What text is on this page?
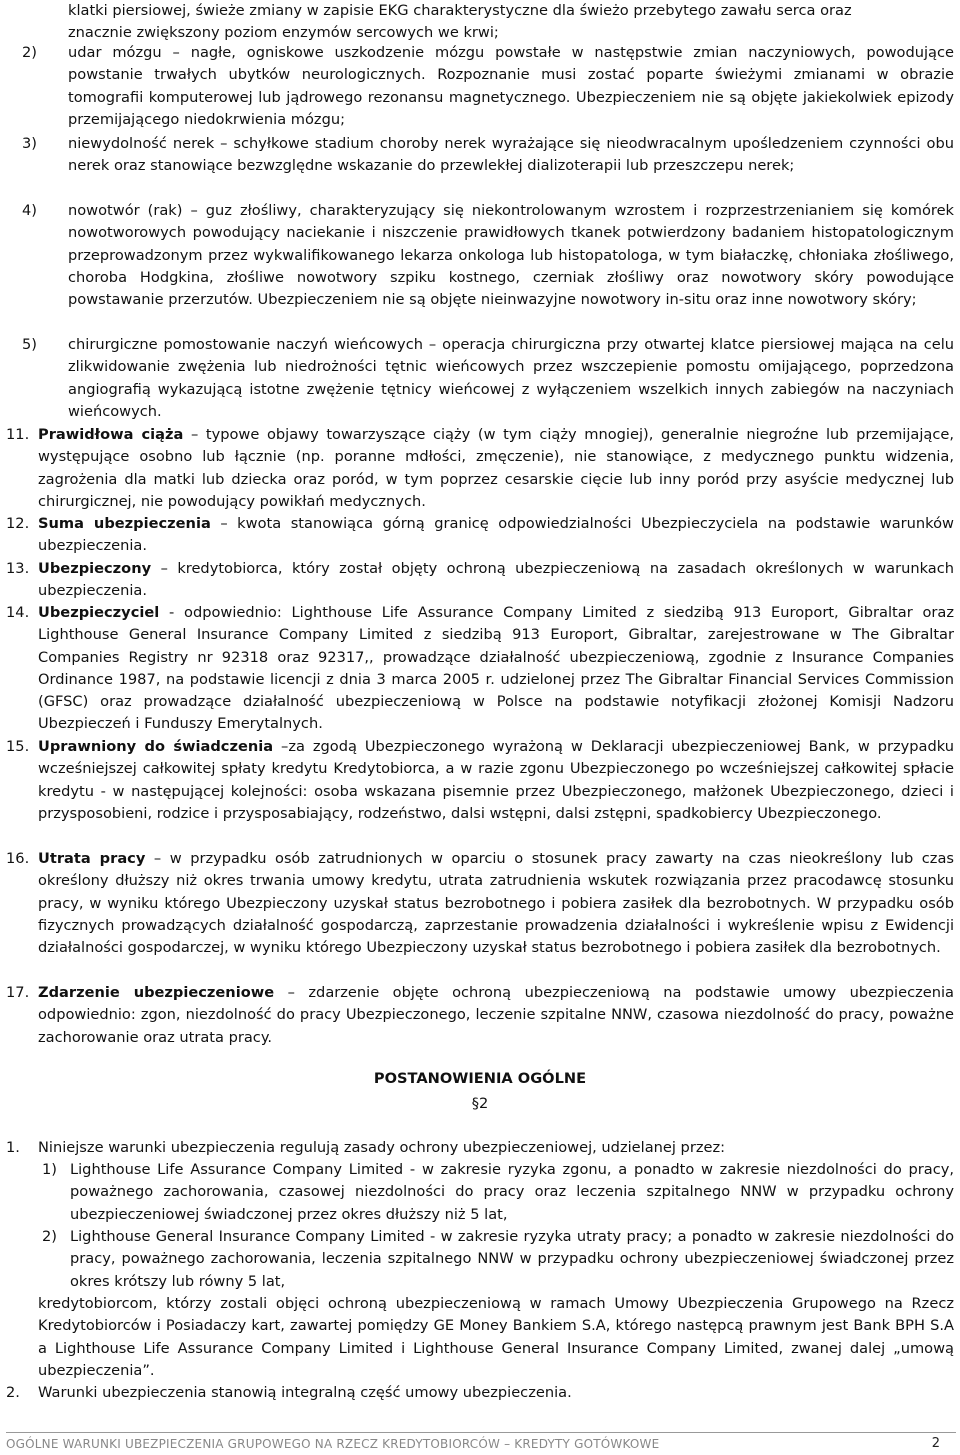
klatki piersiowej, świeże zmiany w zapisie EKG charakterystyczne dla świeżo przebytego zawału serca oraz
znacznie zwiększony poziom enzymów sercowych we krwi;
2) udar mózgu – nagłe, ogniskowe uszkodzenie mózgu powstałe w następstwie zmian naczyniowych, powodujące powstanie trwałych ubytków neurologicznych. Rozpoznanie musi zostać poparte świeżymi zmianami w obrazie tomografii komputerowej lub jądrowego rezonansu magnetycznego. Ubezpieczeniem nie są objęte jakiekolwiek epizody przemijającego niedokrwienia mózgu;
3) niewydolność nerek – schyłkowe stadium choroby nerek wyrażające się nieodwracalnym upośledzeniem czynności obu nerek oraz stanowiące bezwzględne wskazanie do przewlekłej dializoterapii lub przeszczepu nerek;
4) nowotwór (rak) – guz złośliwy, charakteryzujący się niekontrolowanym wzrostem i rozprzestrzenianiem się komórek nowotworowych powodujący naciekanie i niszczenie prawidłowych tkanek potwierdzony badaniem histopatologicznym przeprowadzonym przez wykwalifikowanego lekarza onkologa lub histopatologa, w tym białaczkę, chłoniaka złośliwego, choroba Hodgkina, złośliwe nowotwory szpiku kostnego, czerniak złośliwy oraz nowotwory skóry powodujące powstawanie przerzutów. Ubezpieczeniem nie są objęte nieinwazyjne nowotwory in-situ oraz inne nowotwory skóry;
5) chirurgiczne pomostowanie naczyń wieńcowych – operacja chirurgiczna przy otwartej klatce piersiowej mająca na celu zlikwidowanie zwężenia lub niedrożności tętnic wieńcowych przez wszczepienie pomostu omijającego, poprzedzona angiografią wykazującą istotne zwężenie tętnicy wieńcowej z wyłączeniem wszelkich innych zabiegów na naczyniach wieńcowych.
11. Prawidłowa ciąża – typowe objawy towarzyszące ciąży (w tym ciąży mnogiej), generalnie niegroźne lub przemijające, występujące osobno lub łącznie (np. poranne mdłości, zmęczenie), nie stanowiące, z medycznego punktu widzenia, zagrożenia dla matki lub dziecka oraz poród, w tym poprzez cesarskie cięcie lub inny poród przy asyście medycznej lub chirurgicznej, nie powodujący powikłań medycznych.
12. Suma ubezpieczenia – kwota stanowiąca górną granicę odpowiedzialności Ubezpieczyciela na podstawie warunków ubezpieczenia.
13. Ubezpieczony – kredytobiorca, który został objęty ochroną ubezpieczeniową na zasadach określonych w warunkach ubezpieczenia.
14. Ubezpieczyciel - odpowiednio: Lighthouse Life Assurance Company Limited z siedzibą 913 Europort, Gibraltar oraz Lighthouse General Insurance Company Limited z siedzibą 913 Europort, Gibraltar, zarejestrowane w The Gibraltar Companies Registry nr 92318 oraz 92317,, prowadzące działalność ubezpieczeniową, zgodnie z Insurance Companies Ordinance 1987, na podstawie licencji z dnia 3 marca 2005 r. udzielonej przez The Gibraltar Financial Services Commission (GFSC) oraz prowadzące działalność ubezpieczeniową w Polsce na podstawie notyfikacji złożonej Komisji Nadzoru Ubezpieczeń i Funduszy Emerytalnych.
15. Uprawniony do świadczenia –za zgodą Ubezpieczonego wyrażoną w Deklaracji ubezpieczeniowej Bank, w przypadku wcześniejszej całkowitej spłaty kredytu Kredytobiorca, a w razie zgonu Ubezpieczonego po wcześniejszej całkowitej spłacie kredytu - w następującej kolejności: osoba wskazana pisemnie przez Ubezpieczonego, małżonek Ubezpieczonego, dzieci i przysposobieni, rodzice i przysposabiający, rodzeństwo, dalsi wstępni, dalsi zstępni, spadkobiercy Ubezpieczonego.
16. Utrata pracy – w przypadku osób zatrudnionych w oparciu o stosunek pracy zawarty na czas nieokreślony lub czas określony dłuższy niż okres trwania umowy kredytu, utrata zatrudnienia wskutek rozwiązania przez pracodawcę stosunku pracy, w wyniku którego Ubezpieczony uzyskał status bezrobotnego i pobiera zasiłek dla bezrobotnych. W przypadku osób fizycznych prowadzących działalność gospodarczą, zaprzestanie prowadzenia działalności i wykreślenie wpisu z Ewidencji działalności gospodarczej, w wyniku którego Ubezpieczony uzyskał status bezrobotnego i pobiera zasiłek dla bezrobotnych.
17. Zdarzenie ubezpieczeniowe – zdarzenie objęte ochroną ubezpieczeniową na podstawie umowy ubezpieczenia odpowiednio: zgon, niezdolność do pracy Ubezpieczonego, leczenie szpitalne NNW, czasowa niezdolność do pracy, poważne zachorowanie oraz utrata pracy.
POSTANOWIENIA OGÓLNE
§2
1. Niniejsze warunki ubezpieczenia regulują zasady ochrony ubezpieczeniowej, udzielanej przez:
1) Lighthouse Life Assurance Company Limited - w zakresie ryzyka zgonu, a ponadto w zakresie niezdolności do pracy, poważnego zachorowania, czasowej niezdolności do pracy oraz leczenia szpitalnego NNW w przypadku ochrony ubezpieczeniowej świadczonej przez okres dłuższy niż 5 lat,
2) Lighthouse General Insurance Company Limited - w zakresie ryzyka utraty pracy; a ponadto w zakresie niezdolności do pracy, poważnego zachorowania, leczenia szpitalnego NNW w przypadku ochrony ubezpieczeniowej świadczonej przez okres krótszy lub równy 5 lat,
kredytobiorcom, którzy zostali objęci ochroną ubezpieczeniową w ramach Umowy Ubezpieczenia Grupowego na Rzecz Kredytobiorców i Posiadaczy kart, zawartej pomiędzy GE Money Bankiem S.A, którego następcą prawnym jest Bank BPH S.A a Lighthouse Life Assurance Company Limited i Lighthouse General Insurance Company Limited, zwanej dalej „umową ubezpieczenia”.
2. Warunki ubezpieczenia stanowią integralną część umowy ubezpieczenia.
OGÓLNE WARUNKI UBEZPIECZENIA GRUPOWEGO NA RZECZ KREDYTOBIORCÓW – KREDYTY GOTÓWKOWE	2
